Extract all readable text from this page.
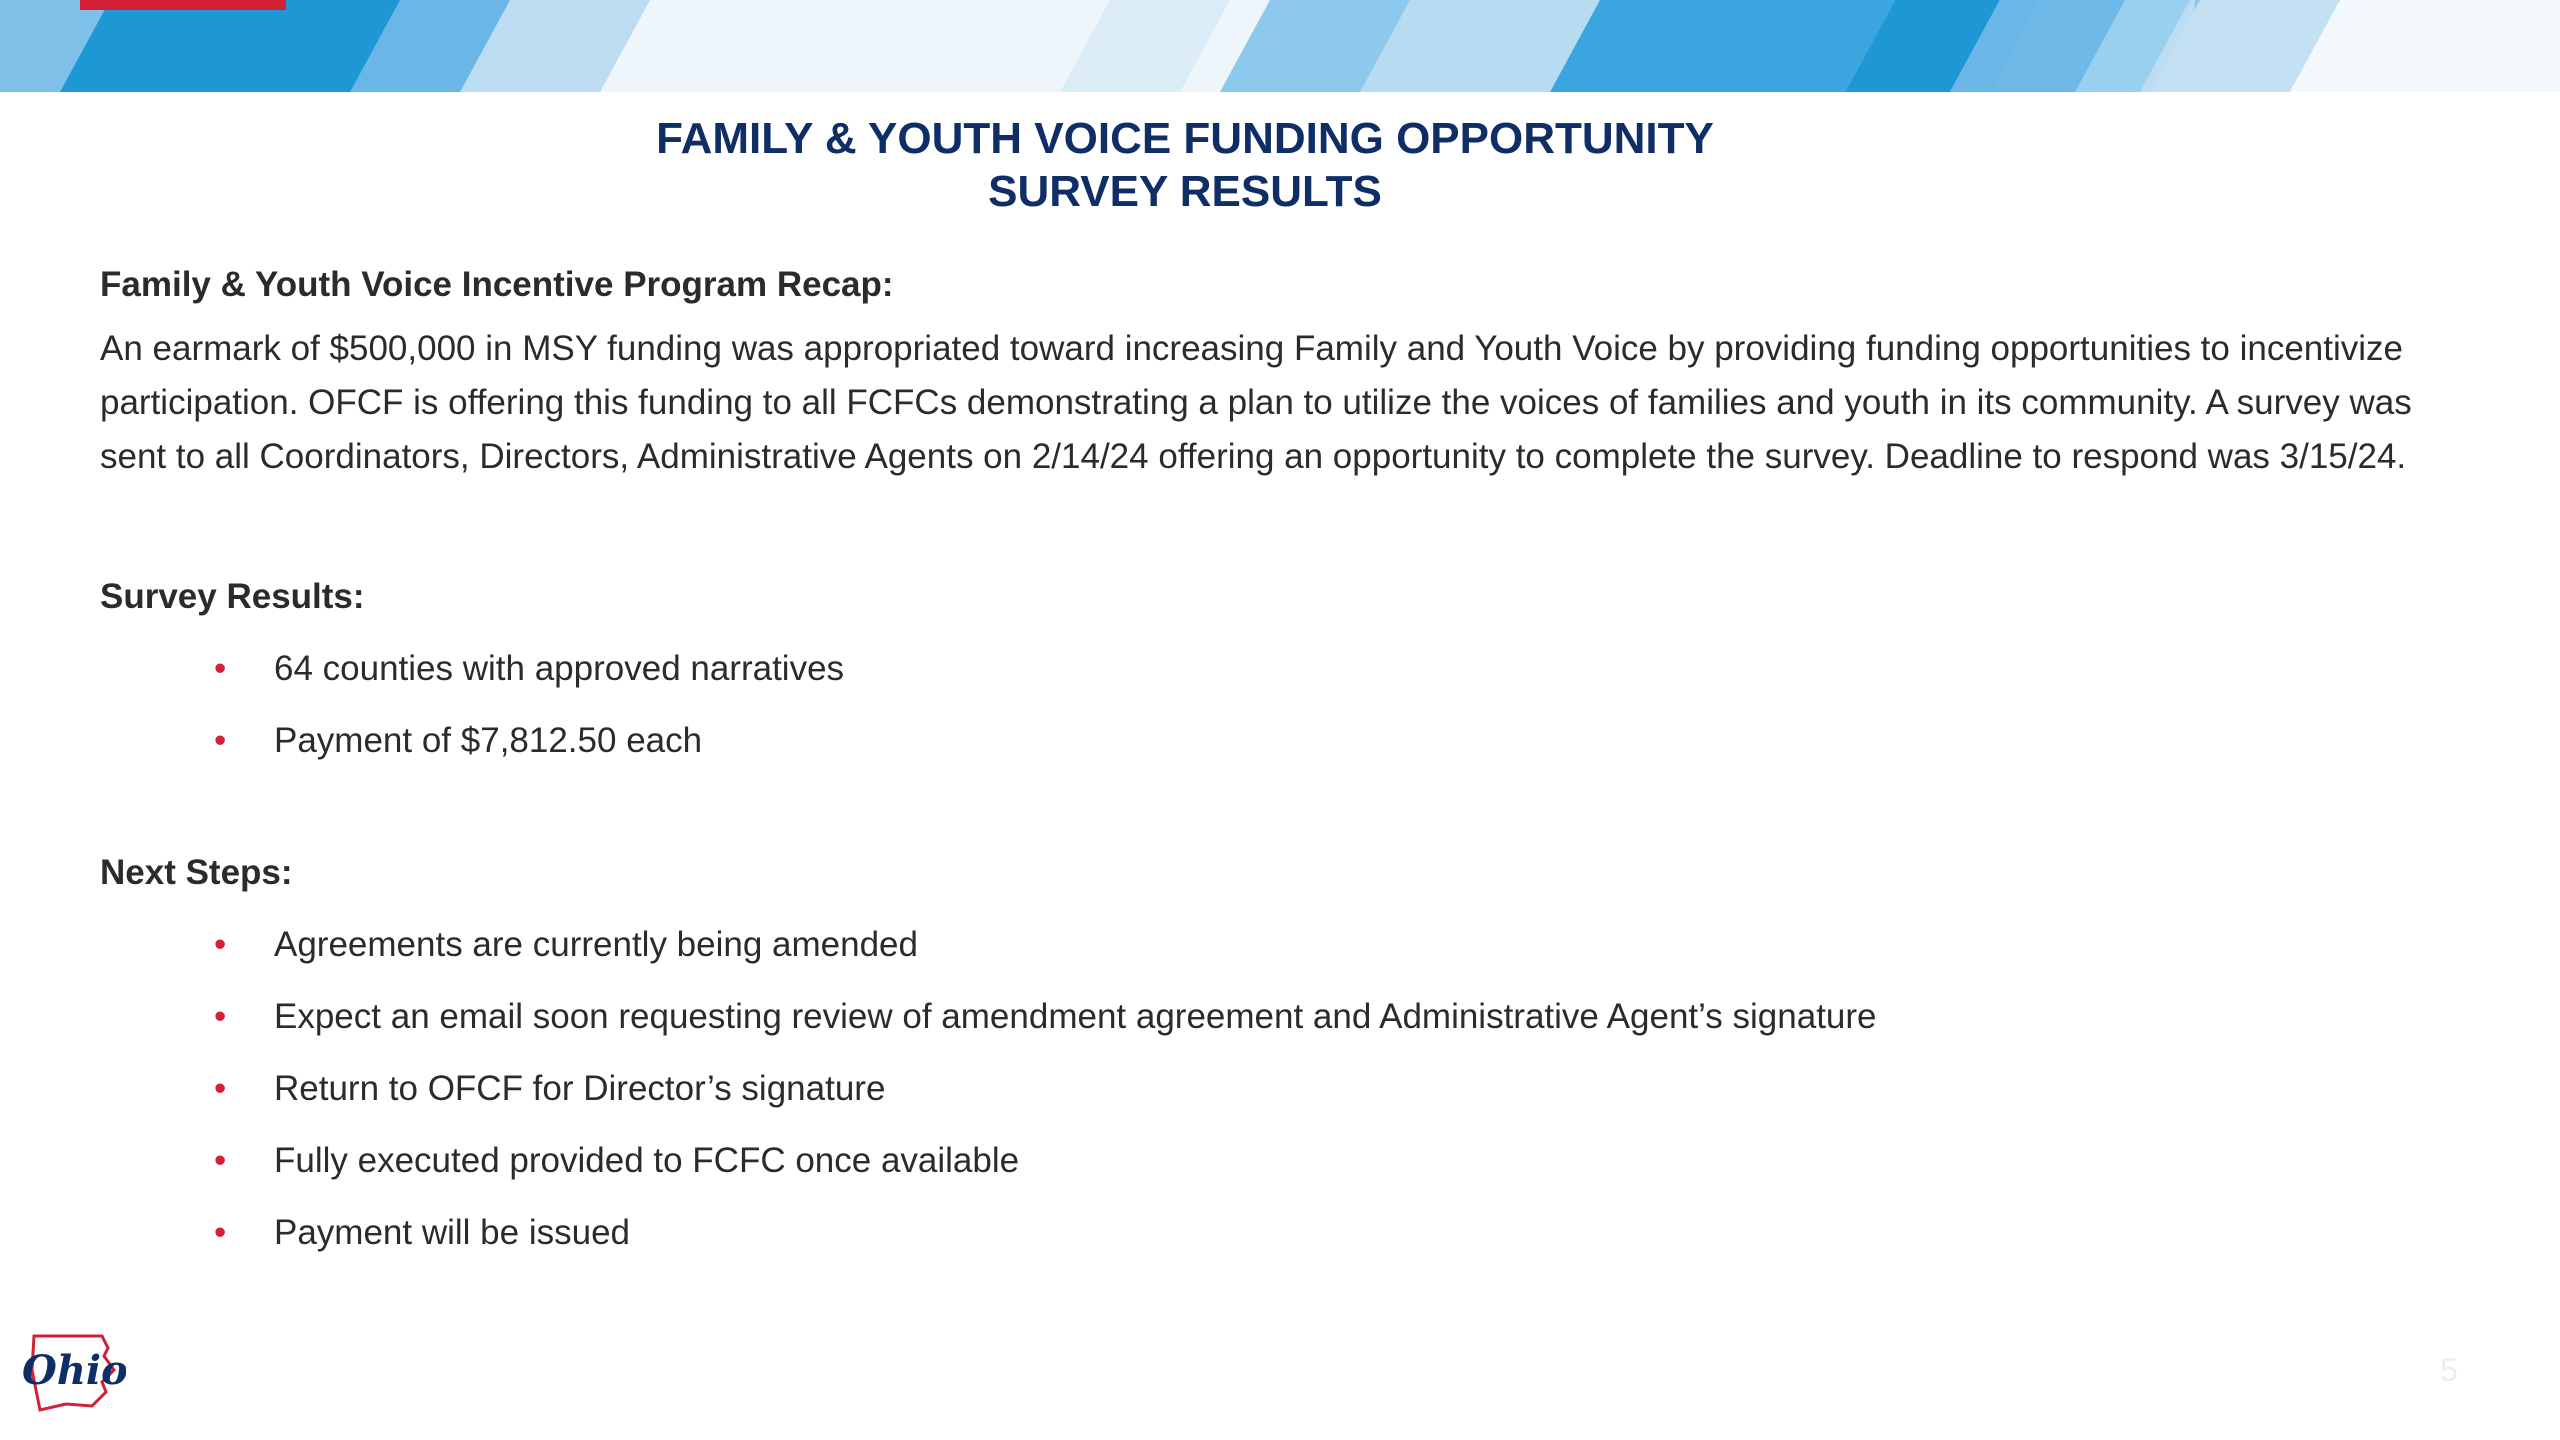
FAMILY & YOUTH VOICE FUNDING OPPORTUNITY
SURVEY RESULTS
Family & Youth Voice Incentive Program Recap:

An earmark of $500,000 in MSY funding was appropriated toward increasing Family and Youth Voice by providing funding opportunities to incentivize participation. OFCF is offering this funding to all FCFCs demonstrating a plan to utilize the voices of families and youth in its community. A survey was sent to all Coordinators, Directors, Administrative Agents on 2/14/24 offering an opportunity to complete the survey. Deadline to respond was 3/15/24.

Survey Results:
• 64 counties with approved narratives
• Payment of $7,812.50 each
Next Steps:
• Agreements are currently being amended
• Expect an email soon requesting review of amendment agreement and Administrative Agent’s signature
• Return to OFCF for Director’s signature
• Fully executed provided to FCFC once available
• Payment will be issued
Ohio	5
